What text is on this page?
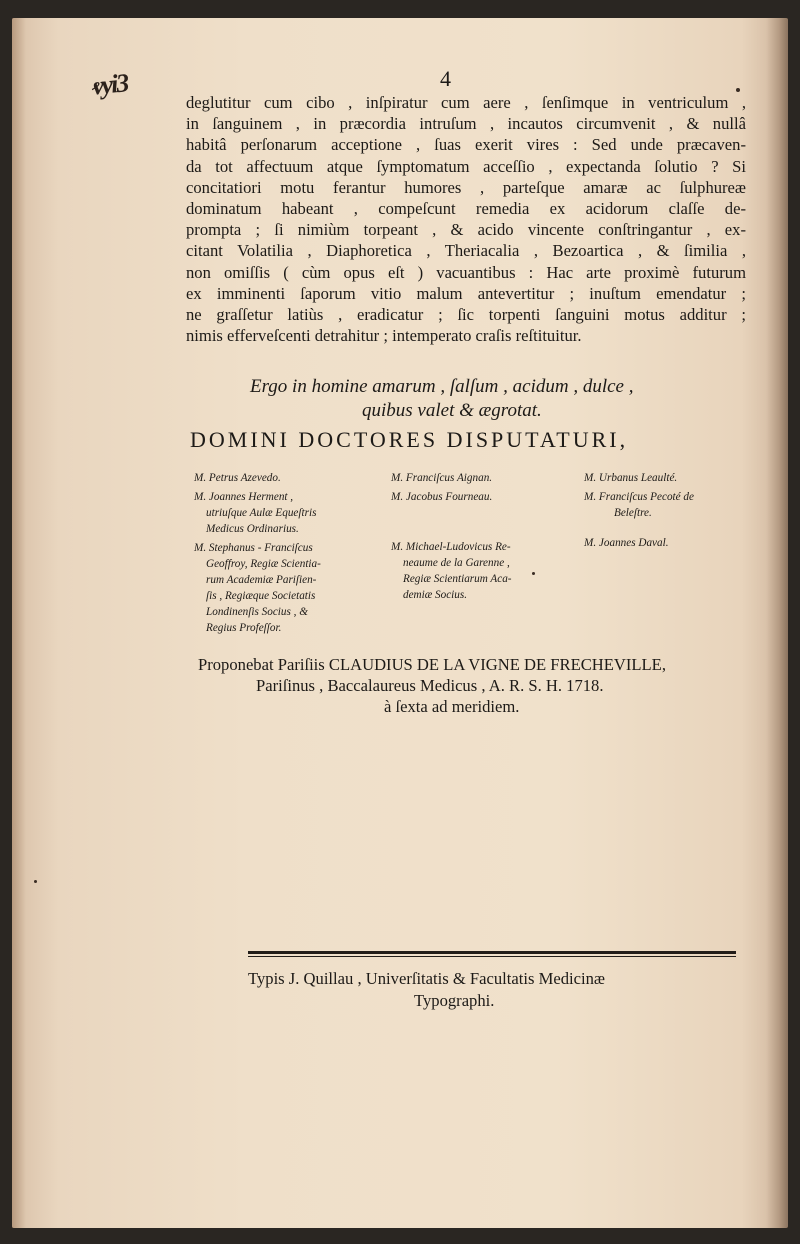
ⱴyi3	4
deglutitur cum cibo , inſpiratur cum aere , ſenſimque in ventriculum ,
in ſanguinem , in præcordia intruſum , incautos circumvenit , & nullâ
habitâ perſonarum acceptione , ſuas exerit vires : Sed unde præcaven-
da tot affectuum atque ſymptomatum acceſſio , expectanda ſolutio ? Si
concitatiori motu ferantur humores , parteſque amaræ ac ſulphureæ
dominatum habeant , compeſcunt remedia ex acidorum claſſe de-
prompta ; ſi nimiùm torpeant , & acido vincente conſtringantur , ex-
citant Volatilia , Diaphoretica , Theriacalia , Bezoartica , & ſimilia ,
non omiſſis ( cùm opus eſt ) vacuantibus : Hac arte proximè futurum
ex imminenti ſaporum vitio malum antevertitur ; inuſtum emendatur ;
ne graſſetur latiùs , eradicatur ; ſic torpenti ſanguini motus additur ;
nimis efferveſcenti detrahitur ; intemperato craſis reſtituitur.
Ergo in homine amarum , ſalſum , acidum , dulce ,
quibus valet & ægrotat.
DOMINI DOCTORES DISPUTATURI,
M. Petrus Azevedo.
M. Joannes Herment ,
utriuſque Aulæ Equeſtris
Medicus Ordinarius.
M. Stephanus - Franciſcus
Geoffroy, Regiæ Scientia-
rum Academiæ Pariſien-
ſis , Regiæque Societatis
Londinenſis Socius , &
Regius Profeſſor.
M. Franciſcus Aignan.
M. Jacobus Fourneau.
M. Michael-Ludovicus Re-
neaume de la Garenne ,
Regiæ Scientiarum Aca-
demiæ Socius.
M. Urbanus Leaulté.
M. Franciſcus Pecoté de
Beleſtre.
M. Joannes Daval.
Proponebat Pariſiis CLAUDIUS DE LA VIGNE DE FRECHEVILLE,
Pariſinus , Baccalaureus Medicus , A. R. S. H. 1718.
à ſexta ad meridiem.
Typis J. Quillau , Univerſitatis & Facultatis Medicinæ
Typographi.
